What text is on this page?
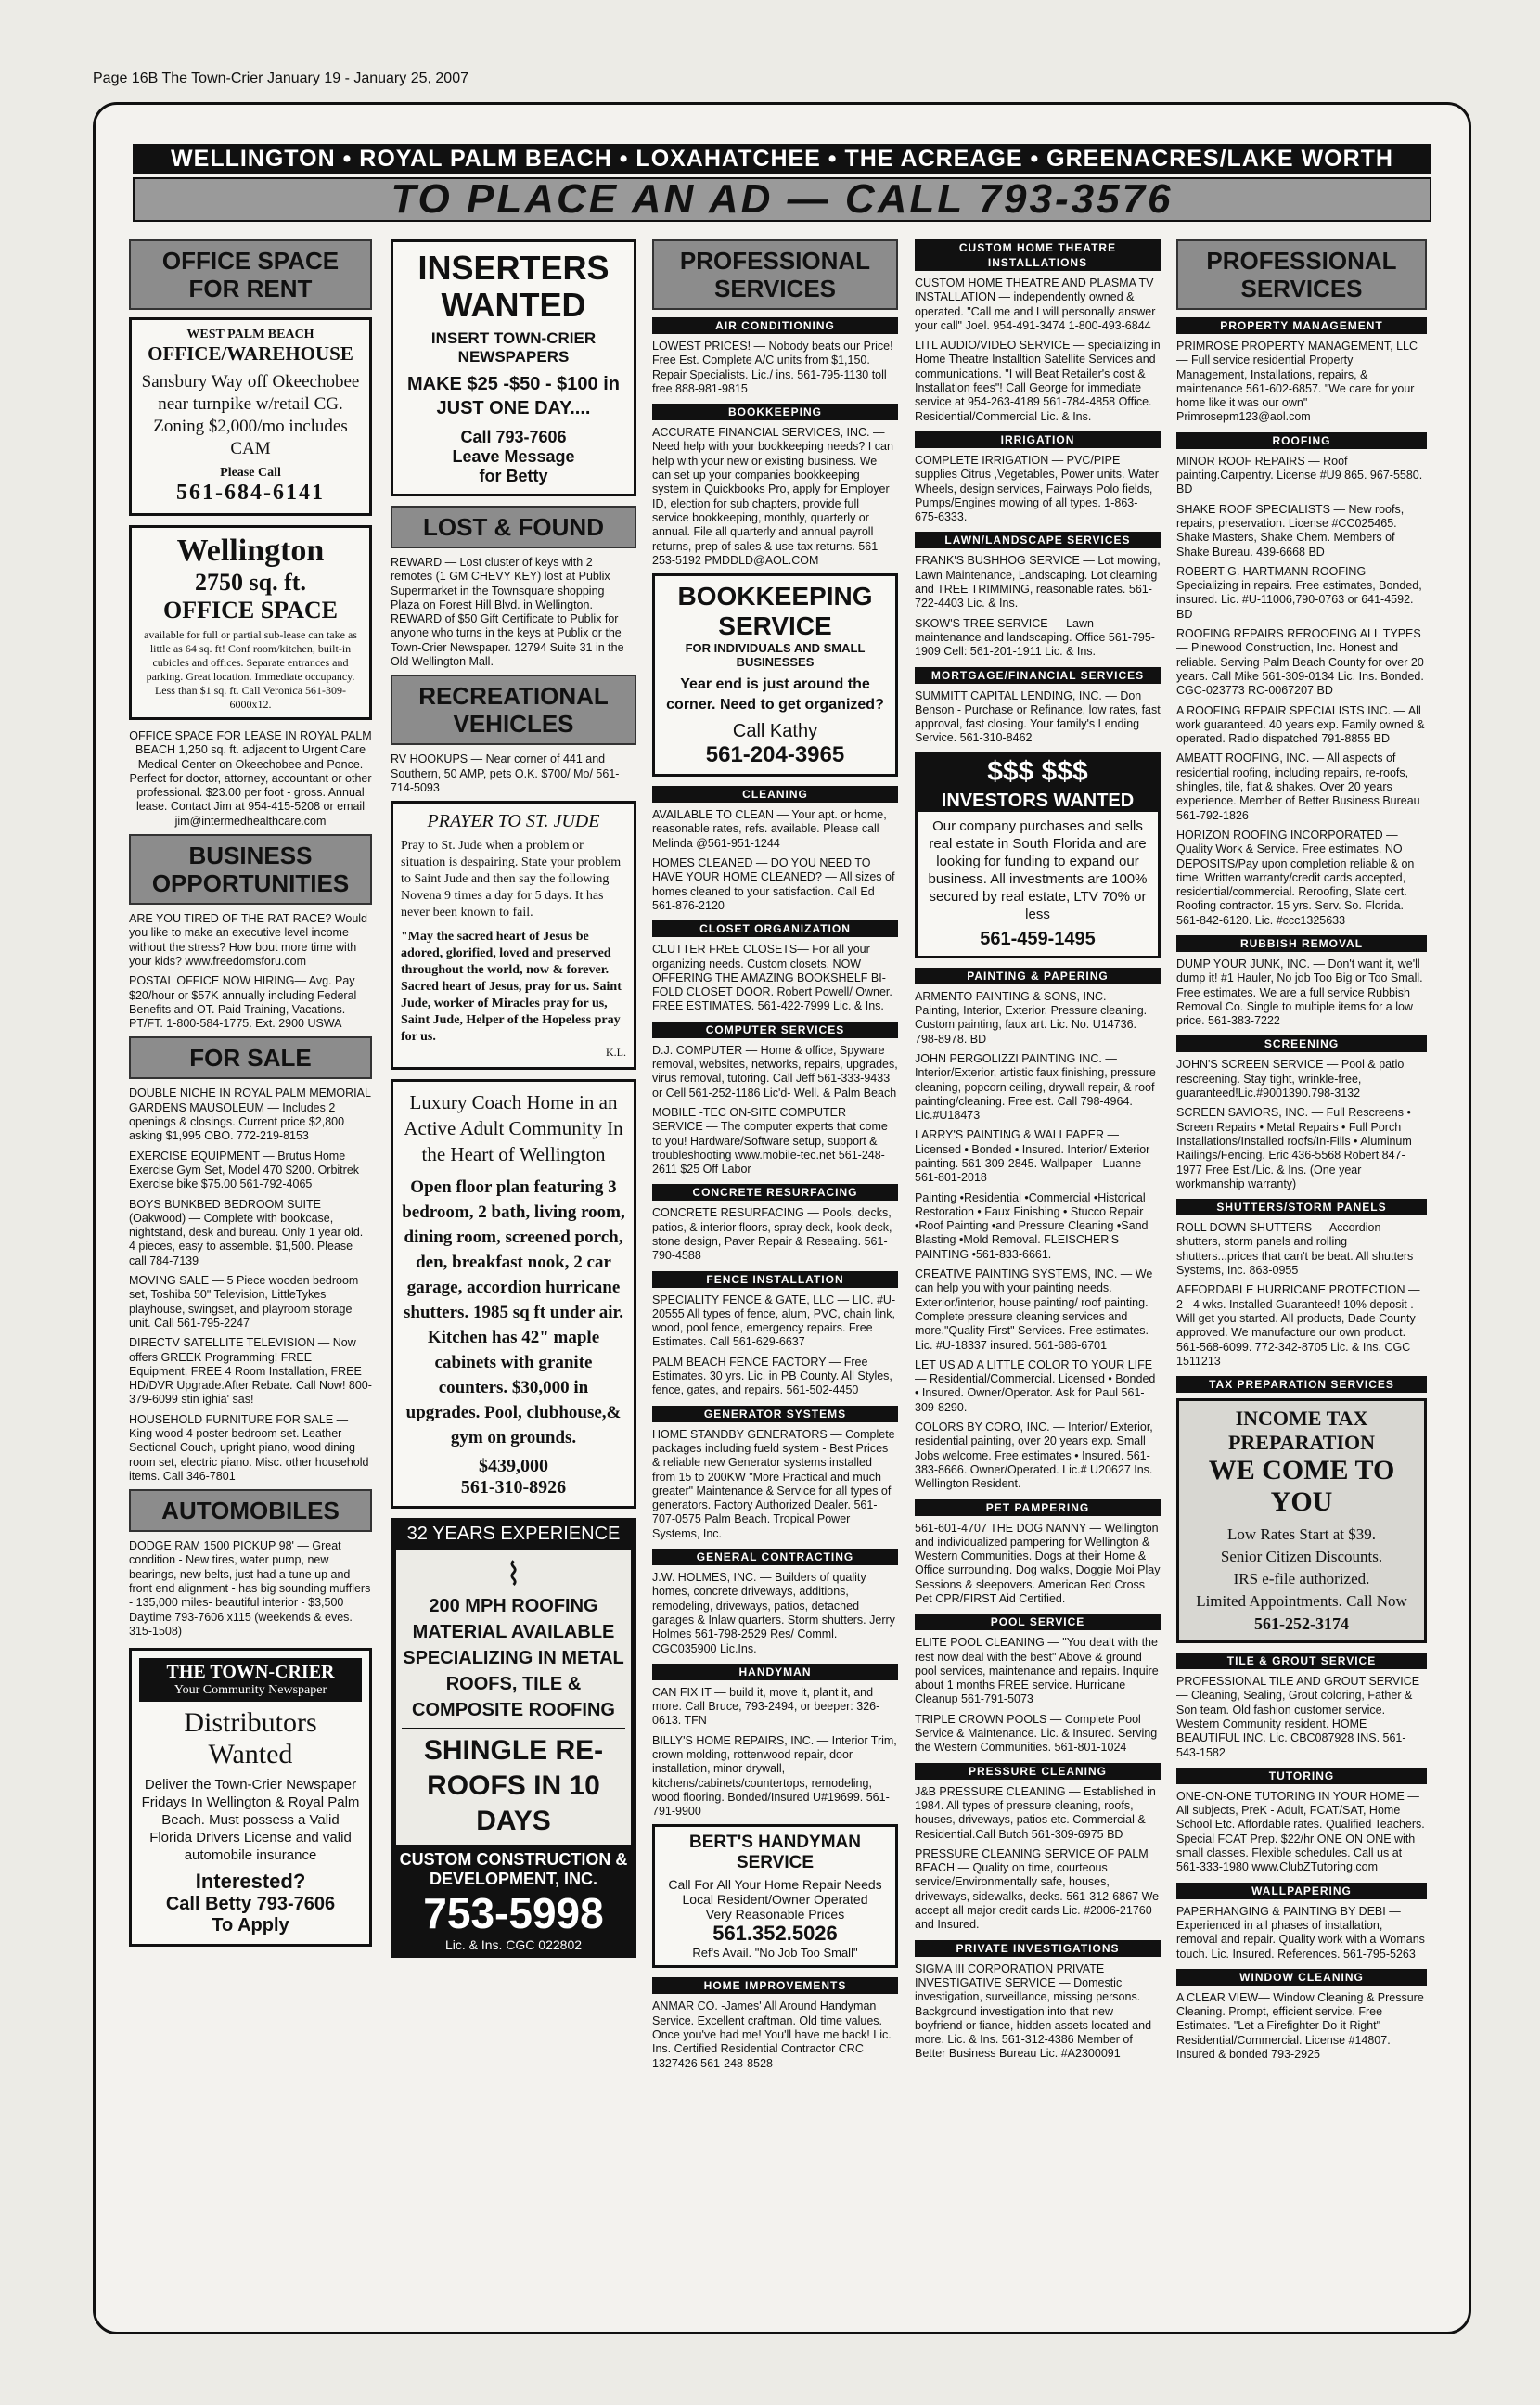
Page 16B The Town-Crier January 19 - January 25, 2007
WELLINGTON • ROYAL PALM BEACH • LOXAHATCHEE • THE ACREAGE • GREENACRES/LAKE WORTH
TO PLACE AN AD — CALL 793-3576
OFFICE SPACE FOR RENT
WEST PALM BEACH
OFFICE/WAREHOUSE
Sansbury Way off Okeechobee near turnpike w/retail CG. Zoning $2,000/mo includes CAM
Please Call
561-684-6141
Wellington
2750 sq. ft.
OFFICE SPACE
available for full or partial sub-lease can take as little as 64 sq. ft! Conf room/kitchen, built-in cubicles and offices. Separate entrances and parking. Great location. Immediate occupancy. Less than $1 sq. ft. Call Veronica 561-309-6000x12.
OFFICE SPACE FOR LEASE IN ROYAL PALM BEACH 1,250 sq. ft. adjacent to Urgent Care Medical Center on Okeechobee and Ponce. Perfect for doctor, attorney, accountant or other professional. $23.00 per foot - gross. Annual lease. Contact Jim at 954-415-5208 or email jim@intermedhealthcare.com
BUSINESS OPPORTUNITIES
ARE YOU TIRED OF THE RAT RACE? Would you like to make an executive level income without the stress? How bout more time with your kids? www.freedomsforu.com
POSTAL OFFICE NOW HIRING— Avg. Pay $20/hour or $57K annually including Federal Benefits and OT. Paid Training, Vacations. PT/FT. 1-800-584-1775. Ext. 2900 USWA
FOR SALE
DOUBLE NICHE IN ROYAL PALM MEMORIAL GARDENS MAUSOLEUM — Includes 2 openings & closings. Current price $2,800 asking $1,995 OBO. 772-219-8153
EXERCISE EQUIPMENT — Brutus Home Exercise Gym Set, Model 470 $200. Orbitrek Exercise bike $75.00 561-792-4065
BOYS BUNKBED BEDROOM SUITE (Oakwood) — Complete with bookcase, nightstand, desk and bureau. Only 1 year old. 4 pieces, easy to assemble. $1,500. Please call 784-7139
MOVING SALE — 5 Piece wooden bedroom set, Toshiba 50" Television, LittleTykes playhouse, swingset, and playroom storage unit. Call 561-795-2247
DIRECTV SATELLITE TELEVISION — Now offers GREEK Programming! FREE Equipment, FREE 4 Room Installation, FREE HD/DVR Upgrade.After Rebate. Call Now! 800-379-6099 stin ighia' sas!
HOUSEHOLD FURNITURE FOR SALE — King wood 4 poster bedroom set. Leather Sectional Couch, upright piano, wood dining room set, electric piano. Misc. other household items. Call 346-7801
AUTOMOBILES
DODGE RAM 1500 PICKUP 98' — Great condition - New tires, water pump, new bearings, new belts, just had a tune up and front end alignment - has big sounding mufflers - 135,000 miles- beautiful interior - $3,500 Daytime 793-7606 x115 (weekends & eves. 315-1508)
THE TOWN-CRIER
Your Community Newspaper
Distributors
Wanted
Deliver the Town-Crier Newspaper Fridays In Wellington & Royal Palm Beach. Must possess a Valid Florida Drivers License and valid automobile insurance
Interested?
Call Betty 793-7606
To Apply
INSERTERS
WANTED
INSERT TOWN-CRIER NEWSPAPERS
MAKE $25 -$50 - $100 in JUST ONE DAY....
Call 793-7606
Leave Message
for Betty
LOST & FOUND
REWARD — Lost cluster of keys with 2 remotes (1 GM CHEVY KEY) lost at Publix Supermarket in the Townsquare shopping Plaza on Forest Hill Blvd. in Wellington. REWARD of $50 Gift Certificate to Publix for anyone who turns in the keys at Publix or the Town-Crier Newspaper. 12794 Suite 31 in the Old Wellington Mall.
RECREATIONAL VEHICLES
RV HOOKUPS — Near corner of 441 and Southern, 50 AMP, pets O.K. $700/ Mo/ 561-714-5093
PRAYER TO ST. JUDE
Pray to St. Jude when a problem or situation is despairing. State your problem to Saint Jude and then say the following Novena 9 times a day for 5 days. It has never been known to fail.
"May the sacred heart of Jesus be adored, glorified, loved and preserved throughout the world, now & forever. Sacred heart of Jesus, pray for us. Saint Jude, worker of Miracles pray for us, Saint Jude, Helper of the Hopeless pray for us.
K.L.
Luxury Coach Home in an Active Adult Community In the Heart of Wellington
Open floor plan featuring 3 bedroom, 2 bath, living room, dining room, screened porch, den, breakfast nook, 2 car garage, accordion hurricane shutters. 1985 sq ft under air. Kitchen has 42" maple cabinets with granite counters. $30,000 in upgrades. Pool, clubhouse,& gym on grounds.
$439,000
561-310-8926
32 YEARS EXPERIENCE
⌇
200 MPH ROOFING MATERIAL AVAILABLE SPECIALIZING IN METAL ROOFS, TILE & COMPOSITE ROOFING
SHINGLE RE-ROOFS IN 10 DAYS
CUSTOM CONSTRUCTION & DEVELOPMENT, INC.
753-5998
Lic. & Ins. CGC 022802
PROFESSIONAL SERVICES
AIR CONDITIONING
LOWEST PRICES! — Nobody beats our Price! Free Est. Complete A/C units from $1,150. Repair Specialists. Lic./ ins. 561-795-1130 toll free 888-981-9815
BOOKKEEPING
ACCURATE FINANCIAL SERVICES, INC. — Need help with your bookkeeping needs? I can help with your new or existing business. We can set up your companies bookkeeping system in Quickbooks Pro, apply for Employer ID, election for sub chapters, provide full service bookkeeping, monthly, quarterly or annual. File all quarterly and annual payroll returns, prep of sales & use tax returns. 561-253-5192 PMDDLD@AOL.COM
BOOKKEEPING SERVICE
FOR INDIVIDUALS AND SMALL BUSINESSES
Year end is just around the corner. Need to get organized?
Call Kathy
561-204-3965
CLEANING
AVAILABLE TO CLEAN — Your apt. or home, reasonable rates, refs. available. Please call Melinda @561-951-1244
HOMES CLEANED — DO YOU NEED TO HAVE YOUR HOME CLEANED? — All sizes of homes cleaned to your satisfaction. Call Ed 561-876-2120
CLOSET ORGANIZATION
CLUTTER FREE CLOSETS— For all your organizing needs. Custom closets. NOW OFFERING THE AMAZING BOOKSHELF BI-FOLD CLOSET DOOR. Robert Powell/ Owner. FREE ESTIMATES. 561-422-7999 Lic. & Ins.
COMPUTER SERVICES
D.J. COMPUTER — Home & office, Spyware removal, websites, networks, repairs, upgrades, virus removal, tutoring. Call Jeff 561-333-9433 or Cell 561-252-1186 Lic'd- Well. & Palm Beach
MOBILE -TEC ON-SITE COMPUTER SERVICE — The computer experts that come to you! Hardware/Software setup, support & troubleshooting www.mobile-tec.net 561-248-2611 $25 Off Labor
CONCRETE RESURFACING
CONCRETE RESURFACING — Pools, decks, patios, & interior floors, spray deck, kook deck, stone design, Paver Repair & Resealing. 561-790-4588
FENCE INSTALLATION
SPECIALITY FENCE & GATE, LLC — LIC. #U-20555 All types of fence, alum, PVC, chain link, wood, pool fence, emergency repairs. Free Estimates. Call 561-629-6637
PALM BEACH FENCE FACTORY — Free Estimates. 30 yrs. Lic. in PB County. All Styles, fence, gates, and repairs. 561-502-4450
GENERATOR SYSTEMS
HOME STANDBY GENERATORS — Complete packages including fueld system - Best Prices & reliable new Generator systems installed from 15 to 200KW "More Practical and much greater" Maintenance & Service for all types of generators. Factory Authorized Dealer. 561-707-0575 Palm Beach. Tropical Power Systems, Inc.
GENERAL CONTRACTING
J.W. HOLMES, INC. — Builders of quality homes, concrete driveways, additions, remodeling, driveways, patios, detached garages & Inlaw quarters. Storm shutters. Jerry Holmes 561-798-2529 Res/ Comml. CGC035900 Lic.Ins.
HANDYMAN
CAN FIX IT — build it, move it, plant it, and more. Call Bruce, 793-2494, or beeper: 326-0613. TFN
BILLY'S HOME REPAIRS, INC. — Interior Trim, crown molding, rottenwood repair, door installation, minor drywall, kitchens/cabinets/countertops, remodeling, wood flooring. Bonded/Insured U#19699. 561-791-9900
BERT'S HANDYMAN SERVICE
Call For All Your Home Repair Needs
Local Resident/Owner Operated
Very Reasonable Prices
561.352.5026
Ref's Avail. "No Job Too Small"
HOME IMPROVEMENTS
ANMAR CO. -James' All Around Handyman Service. Excellent craftman. Old time values. Once you've had me! You'll have me back! Lic. Ins. Certified Residential Contractor CRC 1327426 561-248-8528
CUSTOM HOME THEATRE INSTALLATIONS
CUSTOM HOME THEATRE AND PLASMA TV INSTALLATION — independently owned & operated. "Call me and I will personally answer your call" Joel. 954-491-3474 1-800-493-6844
LITL AUDIO/VIDEO SERVICE — specializing in Home Theatre Installtion Satellite Services and communications. "I will Beat Retailer's cost & Installation fees"! Call George for immediate service at 954-263-4189 561-784-4858 Office. Residential/Commercial Lic. & Ins.
IRRIGATION
COMPLETE IRRIGATION — PVC/PIPE supplies Citrus ,Vegetables, Power units. Water Wheels, design services, Fairways Polo fields, Pumps/Engines mowing of all types. 1-863-675-6333.
LAWN/LANDSCAPE SERVICES
FRANK'S BUSHHOG SERVICE — Lot mowing, Lawn Maintenance, Landscaping. Lot clearning and TREE TRIMMING, reasonable rates. 561-722-4403 Lic. & Ins.
SKOW'S TREE SERVICE — Lawn maintenance and landscaping. Office 561-795-1909 Cell: 561-201-1911 Lic. & Ins.
MORTGAGE/FINANCIAL SERVICES
SUMMITT CAPITAL LENDING, INC. — Don Benson - Purchase or Refinance, low rates, fast approval, fast closing. Your family's Lending Service. 561-310-8462
$$$ $$$
INVESTORS WANTED
Our company purchases and sells real estate in South Florida and are looking for funding to expand our business. All investments are 100% secured by real estate, LTV 70% or less
561-459-1495
PAINTING & PAPERING
ARMENTO PAINTING & SONS, INC. — Painting, Interior, Exterior. Pressure cleaning. Custom painting, faux art. Lic. No. U14736. 798-8978. BD
JOHN PERGOLIZZI PAINTING INC. — Interior/Exterior, artistic faux finishing, pressure cleaning, popcorn ceiling, drywall repair, & roof painting/cleaning. Free est. Call 798-4964. Lic.#U18473
LARRY'S PAINTING & WALLPAPER — Licensed • Bonded • Insured. Interior/ Exterior painting. 561-309-2845. Wallpaper - Luanne 561-801-2018
Painting •Residential •Commercial •Historical Restoration • Faux Finishing • Stucco Repair •Roof Painting •and Pressure Cleaning •Sand Blasting •Mold Removal. FLEISCHER'S PAINTING •561-833-6661.
CREATIVE PAINTING SYSTEMS, INC. — We can help you with your painting needs. Exterior/interior, house painting/ roof painting. Complete pressure cleaning services and more."Quality First" Services. Free estimates. Lic. #U-18337 insured. 561-686-6701
LET US AD A LITTLE COLOR TO YOUR LIFE — Residential/Commercial. Licensed • Bonded • Insured. Owner/Operator. Ask for Paul 561-309-8290.
COLORS BY CORO, INC. — Interior/ Exterior, residential painting, over 20 years exp. Small Jobs welcome. Free estimates • Insured. 561-383-8666. Owner/Operated. Lic.# U20627 Ins. Wellington Resident.
PET PAMPERING
561-601-4707 THE DOG NANNY — Wellington and individualized pampering for Wellington & Western Communities. Dogs at their Home & Office surrounding. Dog walks, Doggie Moi Play Sessions & sleepovers. American Red Cross Pet CPR/FIRST Aid Certified.
POOL SERVICE
ELITE POOL CLEANING — "You dealt with the rest now deal with the best" Above & ground pool services, maintenance and repairs. Inquire about 1 months FREE service. Hurricane Cleanup 561-791-5073
TRIPLE CROWN POOLS — Complete Pool Service & Maintenance. Lic. & Insured. Serving the Western Communities. 561-801-1024
PRESSURE CLEANING
J&B PRESSURE CLEANING — Established in 1984. All types of pressure cleaning, roofs, houses, driveways, patios etc. Commercial & Residential.Call Butch 561-309-6975 BD
PRESSURE CLEANING SERVICE OF PALM BEACH — Quality on time, courteous service/Environmentally safe, houses, driveways, sidewalks, decks. 561-312-6867 We accept all major credit cards Lic. #2006-21760 and Insured.
PRIVATE INVESTIGATIONS
SIGMA III CORPORATION PRIVATE INVESTIGATIVE SERVICE — Domestic investigation, surveillance, missing persons. Background investigation into that new boyfriend or fiance, hidden assets located and more. Lic. & Ins. 561-312-4386 Member of Better Business Bureau Lic. #A2300091
PROFESSIONAL SERVICES
PROPERTY MANAGEMENT
PRIMROSE PROPERTY MANAGEMENT, LLC — Full service residential Property Management, Installations, repairs, & maintenance 561-602-6857. "We care for your home like it was our own" Primrosepm123@aol.com
ROOFING
MINOR ROOF REPAIRS — Roof painting.Carpentry. License #U9 865. 967-5580. BD
SHAKE ROOF SPECIALISTS — New roofs, repairs, preservation. License #CC025465. Shake Masters, Shake Chem. Members of Shake Bureau. 439-6668 BD
ROBERT G. HARTMANN ROOFING — Specializing in repairs. Free estimates, Bonded, insured. Lic. #U-11006,790-0763 or 641-4592. BD
ROOFING REPAIRS REROOFING ALL TYPES — Pinewood Construction, Inc. Honest and reliable. Serving Palm Beach County for over 20 years. Call Mike 561-309-0134 Lic. Ins. Bonded. CGC-023773 RC-0067207 BD
A ROOFING REPAIR SPECIALISTS INC. — All work guaranteed. 40 years exp. Family owned & operated. Radio dispatched 791-8855 BD
AMBATT ROOFING, INC. — All aspects of residential roofing, including repairs, re-roofs, shingles, tile, flat & shakes. Over 20 years experience. Member of Better Business Bureau 561-792-1826
HORIZON ROOFING INCORPORATED — Quality Work & Service. Free estimates. NO DEPOSITS/Pay upon completion reliable & on time. Written warranty/credit cards accepted, residential/commercial. Reroofing, Slate cert. Roofing contractor. 15 yrs. Serv. So. Florida. 561-842-6120. Lic. #ccc1325633
RUBBISH REMOVAL
DUMP YOUR JUNK, INC. — Don't want it, we'll dump it! #1 Hauler, No job Too Big or Too Small. Free estimates. We are a full service Rubbish Removal Co. Single to multiple items for a low price. 561-383-7222
SCREENING
JOHN'S SCREEN SERVICE — Pool & patio rescreening. Stay tight, wrinkle-free, guaranteed!Lic.#9001390.798-3132
SCREEN SAVIORS, INC. — Full Rescreens • Screen Repairs • Metal Repairs • Full Porch Installations/Installed roofs/In-Fills • Aluminum Railings/Fencing. Eric 436-5568 Robert 847-1977 Free Est./Lic. & Ins. (One year workmanship warranty)
SHUTTERS/STORM PANELS
ROLL DOWN SHUTTERS — Accordion shutters, storm panels and rolling shutters...prices that can't be beat. All shutters Systems, Inc. 863-0955
AFFORDABLE HURRICANE PROTECTION — 2 - 4 wks. Installed Guaranteed! 10% deposit . Will get you started. All products, Dade County approved. We manufacture our own product. 561-568-6099. 772-342-8705 Lic. & Ins. CGC 1511213
TAX PREPARATION SERVICES
INCOME TAX PREPARATION
WE COME TO YOU
Low Rates Start at $39.
Senior Citizen Discounts.
IRS e-file authorized.
Limited Appointments. Call Now
561-252-3174
TILE & GROUT SERVICE
PROFESSIONAL TILE AND GROUT SERVICE — Cleaning, Sealing, Grout coloring, Father & Son team. Old fashion customer service. Western Community resident. HOME BEAUTIFUL INC. Lic. CBC087928 INS. 561-543-1582
TUTORING
ONE-ON-ONE TUTORING IN YOUR HOME — All subjects, PreK - Adult, FCAT/SAT, Home School Etc. Affordable rates. Qualified Teachers. Special FCAT Prep. $22/hr ONE ON ONE with small classes. Flexible schedules. Call us at 561-333-1980 www.ClubZTutoring.com
WALLPAPERING
PAPERHANGING & PAINTING BY DEBI — Experienced in all phases of installation, removal and repair. Quality work with a Womans touch. Lic. Insured. References. 561-795-5263
WINDOW CLEANING
A CLEAR VIEW— Window Cleaning & Pressure Cleaning. Prompt, efficient service. Free Estimates. "Let a Firefighter Do it Right" Residential/Commercial. License #14807. Insured & bonded 793-2925
